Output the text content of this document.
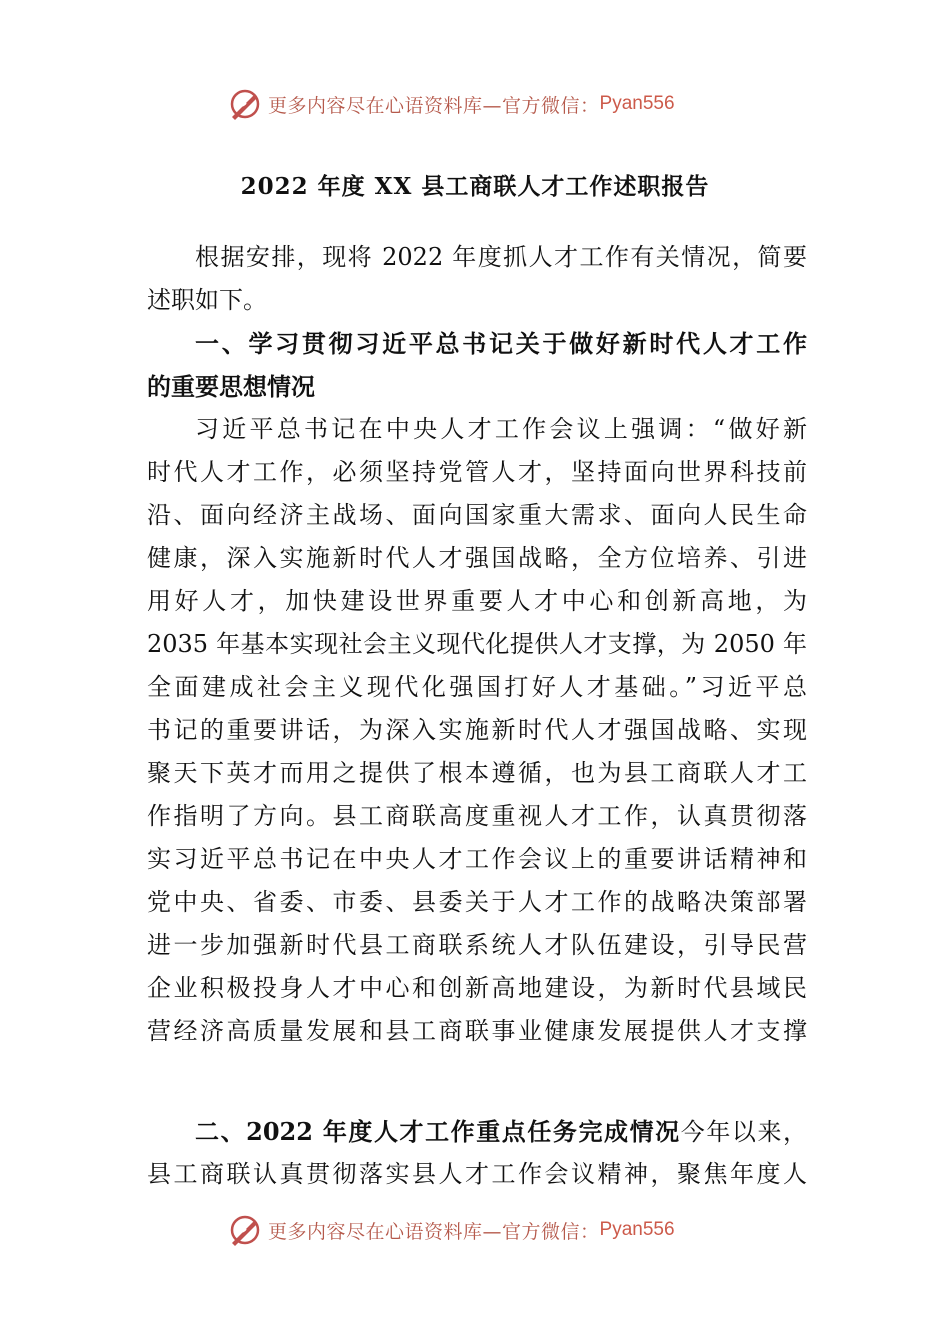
更多内容尽在心语资料库—官方微信： Pyan556
2022 年度 XX 县工商联人才工作述职报告
根据安排，现将 2022 年度抓人才工作有关情况，简要
述职如下。
一、学习贯彻习近平总书记关于做好新时代人才工作
的重要思想情况
习近平总书记在中央人才工作会议上强调：“做好新
时代人才工作，必须坚持党管人才，坚持面向世界科技前
沿、面向经济主战场、面向国家重大需求、面向人民生命
健康，深入实施新时代人才强国战略，全方位培养、引进
用好人才，加快建设世界重要人才中心和创新高地，为
2035 年基本实现社会主义现代化提供人才支撑，为 2050 年
全面建成社会主义现代化强国打好人才基础。”习近平总
书记的重要讲话，为深入实施新时代人才强国战略、实现
聚天下英才而用之提供了根本遵循，也为县工商联人才工
作指明了方向。县工商联高度重视人才工作，认真贯彻落
实习近平总书记在中央人才工作会议上的重要讲话精神和
党中央、省委、市委、县委关于人才工作的战略决策部署
进一步加强新时代县工商联系统人才队伍建设，引导民营
企业积极投身人才中心和创新高地建设，为新时代县域民
营经济高质量发展和县工商联事业健康发展提供人才支撑
二、2022 年度人才工作重点任务完成情况今年以来，
县工商联认真贯彻落实县人才工作会议精神，聚焦年度人
更多内容尽在心语资料库—官方微信： Pyan556
